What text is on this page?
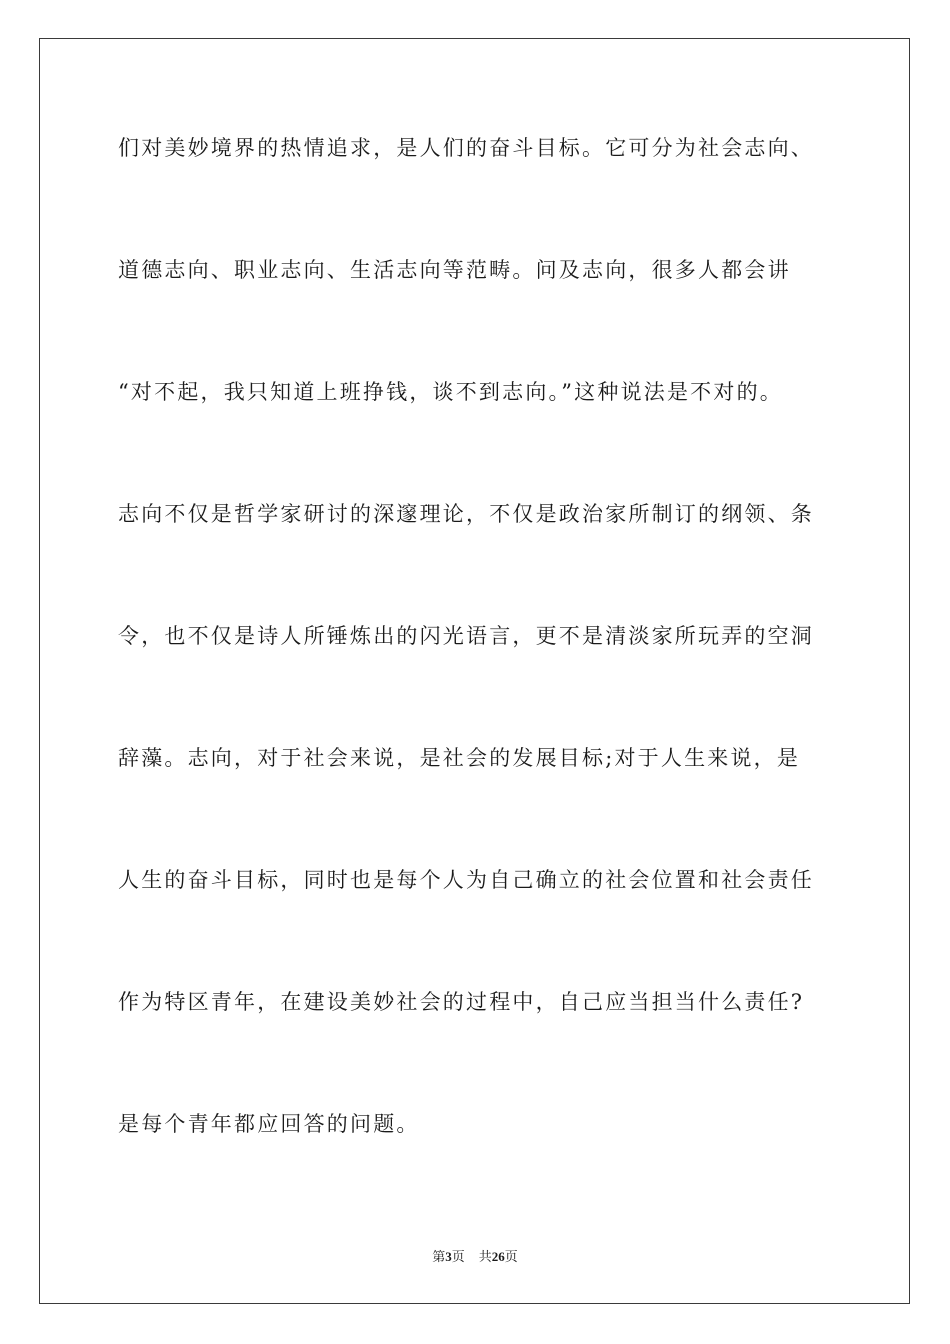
们对美妙境界的热情追求，是人们的奋斗目标。它可分为社会志向、
道德志向、职业志向、生活志向等范畴。问及志向，很多人都会讲
“对不起，我只知道上班挣钱，谈不到志向。”这种说法是不对的。
志向不仅是哲学家研讨的深邃理论，不仅是政治家所制订的纲领、条
令，也不仅是诗人所锤炼出的闪光语言，更不是清淡家所玩弄的空洞
辞藻。志向，对于社会来说，是社会的发展目标;对于人生来说，是
人生的奋斗目标，同时也是每个人为自己确立的社会位置和社会责任
作为特区青年，在建设美妙社会的过程中，自己应当担当什么责任?
是每个青年都应回答的问题。
第3页 共26页
